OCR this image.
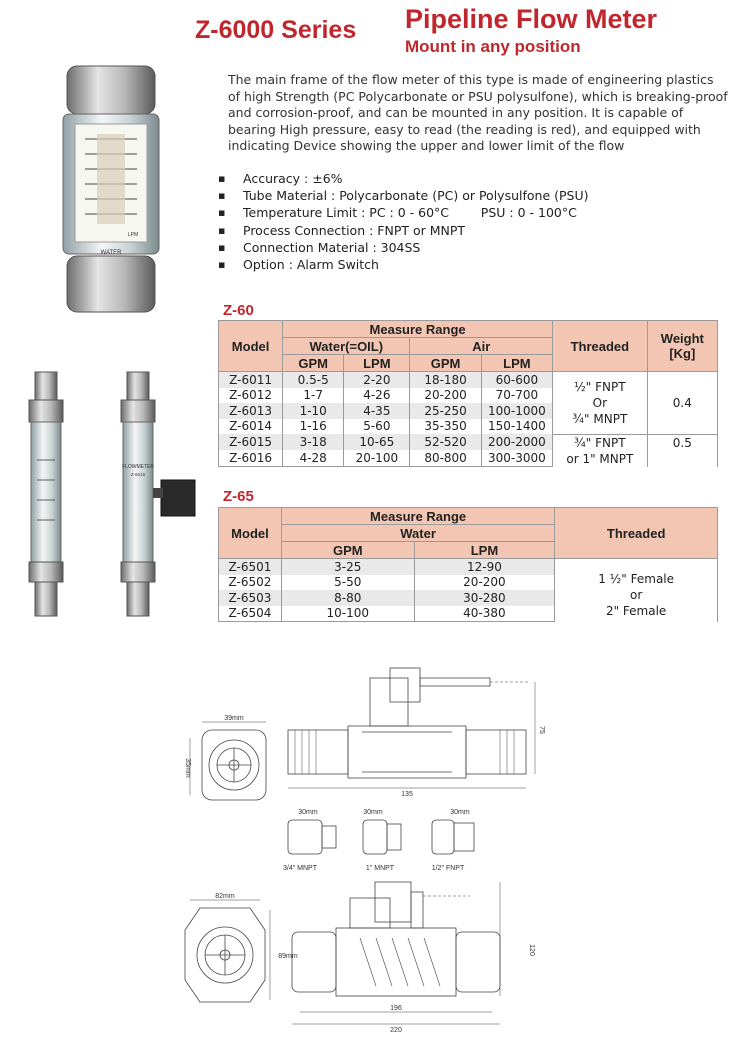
Z-6000 Series Pipeline Flow Meter
Mount in any position
WATER
LPM
FLOWMETER
Z-6016
The main frame of the flow meter of this type is made of engineering plastics of high Strength (PC Polycarbonate or PSU polysulfone), which is breaking-proof and corrosion-proof, and can be mounted in any position. It is capable of bearing High pressure, easy to read (the reading is red), and equipped with indicating Device showing the upper and lower limit of the flow
▪ Accuracy : ±6%
▪ Tube Material : Polycarbonate (PC) or Polysulfone (PSU)
▪ Temperature Limit : PC : 0 - 60°C        PSU : 0 - 100°C
▪ Process Connection : FNPT or MNPT
▪ Connection Material : 304SS
▪ Option : Alarm Switch
Z-60
Model	Measure Range				Threaded	Weight [Kg]
	Water(=OIL)		Air			
	GPM	LPM	GPM	LPM		
Z-6011	0.5-5	2-20	18-180	60-600	½" FNPT
Or
¾" MNPT	0.4
Z-6012	1-7	4-26	20-200	70-700		
Z-6013	1-10	4-35	25-250	100-1000		
Z-6014	1-16	5-60	35-350	150-1400		
Z-6015	3-18	10-65	52-520	200-2000	¾" FNPT
or 1" MNPT	0.5
Z-6016	4-28	20-100	80-800	300-3000		
Z-65
Model	Measure Range		Threaded
	Water		
	GPM	LPM	
Z-6501	3-25	12-90	1 ½" Female
or
2" Female

Z-6502	5-50	20-200	
Z-6503	8-80	30-280	
Z-6504	10-100	40-380	
39mm
35mm
75
135
30mm
3/4" MNPT
30mm
1" MNPT
30mm
1/2" FNPT
82mm
89mm
120
196
220
